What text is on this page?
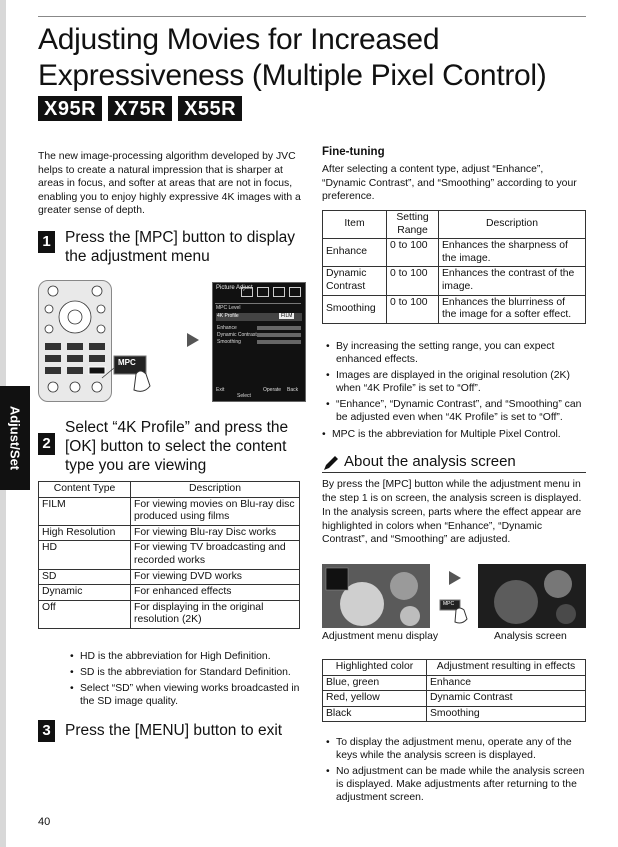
Adjusting Movies for Increased Expressiveness (Multiple Pixel Control)
X95R X75R X55R
Adjust/Set
The new image-processing algorithm developed by JVC helps to create a natural impression that is sharper at areas in focus, and softer at areas that are not in focus, enabling you to enjoy highly expressive 4K images with a greater sense of depth.
1 Press the [MPC] button to display the adjustment menu
MPC
Picture Adjust
MPC Level
4K Profile	FILM
Enhance
Dynamic Contrast
Smoothing
Exit
Select
Operate Back
2
Select “4K Profile” and press the [OK] button to select the content type you are viewing
Content Type	Description
FILM	For viewing movies on Blu-ray disc produced using films
High Resolution	For viewing Blu-ray Disc works
HD	For viewing TV broadcasting and recorded works
SD	For viewing DVD works
Dynamic	For enhanced effects
Off	For displaying in the original resolution (2K)
• HD is the abbreviation for High Definition.
• SD is the abbreviation for Standard Definition.
• Select “SD” when viewing works broadcasted in the SD image quality.
3 Press the [MENU] button to exit
40
Fine-tuning
After selecting a content type, adjust “Enhance”, “Dynamic Contrast”, and “Smoothing” according to your preference.
Item	Setting Range	Description
Enhance	0 to 100	Enhances the sharpness of the image.
Dynamic Contrast	0 to 100	Enhances the contrast of the image.
Smoothing	0 to 100	Enhances the blurriness of the image for a softer effect.
• By increasing the setting range, you can expect enhanced effects.
• Images are displayed in the original resolution (2K) when “4K Profile” is set to “Off”.
• “Enhance”, “Dynamic Contrast”, and “Smoothing” can be adjusted even when “4K Profile” is set to “Off”.
• MPC is the abbreviation for Multiple Pixel Control.
About the analysis screen
By press the [MPC] button while the adjustment menu in the step 1 is on screen, the analysis screen is displayed.
In the analysis screen, parts where the effect appear are highlighted in colors when “Enhance”, “Dynamic Contrast”, and “Smoothing” are adjusted.
MPC
Adjustment menu display	Analysis screen
Highlighted color	Adjustment resulting in effects
Blue, green	Enhance
Red, yellow	Dynamic Contrast
Black	Smoothing
• To display the adjustment menu, operate any of the keys while the analysis screen is displayed.
• No adjustment can be made while the analysis screen is displayed. Make adjustments after returning to the adjustment screen.
